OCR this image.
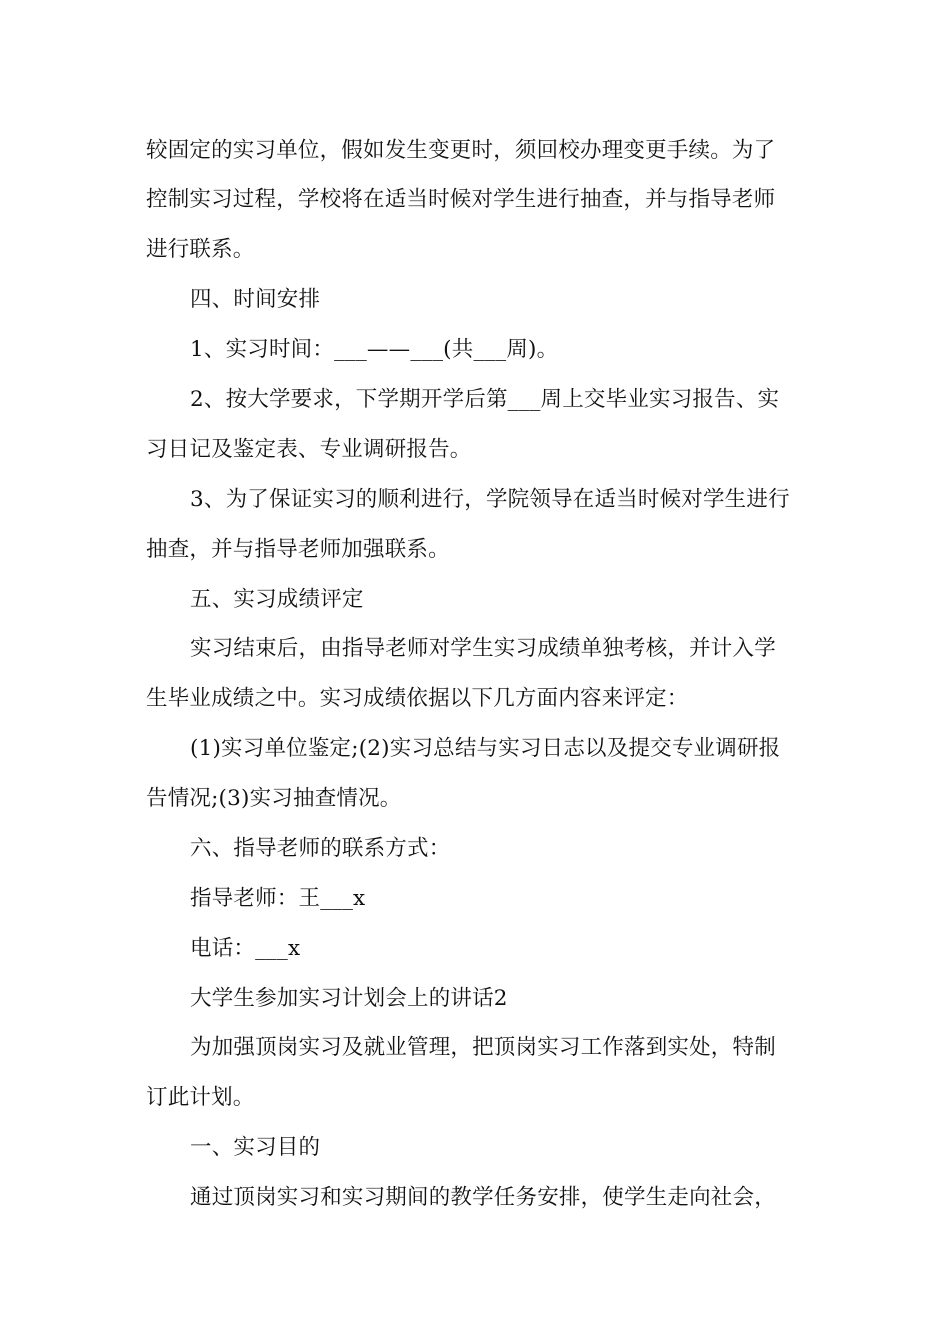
较固定的实习单位，假如发生变更时，须回校办理变更手续。为了
控制实习过程，学校将在适当时候对学生进行抽查，并与指导老师
进行联系。
四、时间安排
1、实习时间：___——___(共___周)。
2、按大学要求，下学期开学后第___周上交毕业实习报告、实
习日记及鉴定表、专业调研报告。
3、为了保证实习的顺利进行，学院领导在适当时候对学生进行
抽查，并与指导老师加强联系。
五、实习成绩评定
实习结束后，由指导老师对学生实习成绩单独考核，并计入学
生毕业成绩之中。实习成绩依据以下几方面内容来评定：
(1)实习单位鉴定;(2)实习总结与实习日志以及提交专业调研报
告情况;(3)实习抽查情况。
六、指导老师的联系方式：
指导老师：王___x
电话：___x
大学生参加实习计划会上的讲话2
为加强顶岗实习及就业管理，把顶岗实习工作落到实处，特制
订此计划。
一、实习目的
通过顶岗实习和实习期间的教学任务安排，使学生走向社会，
